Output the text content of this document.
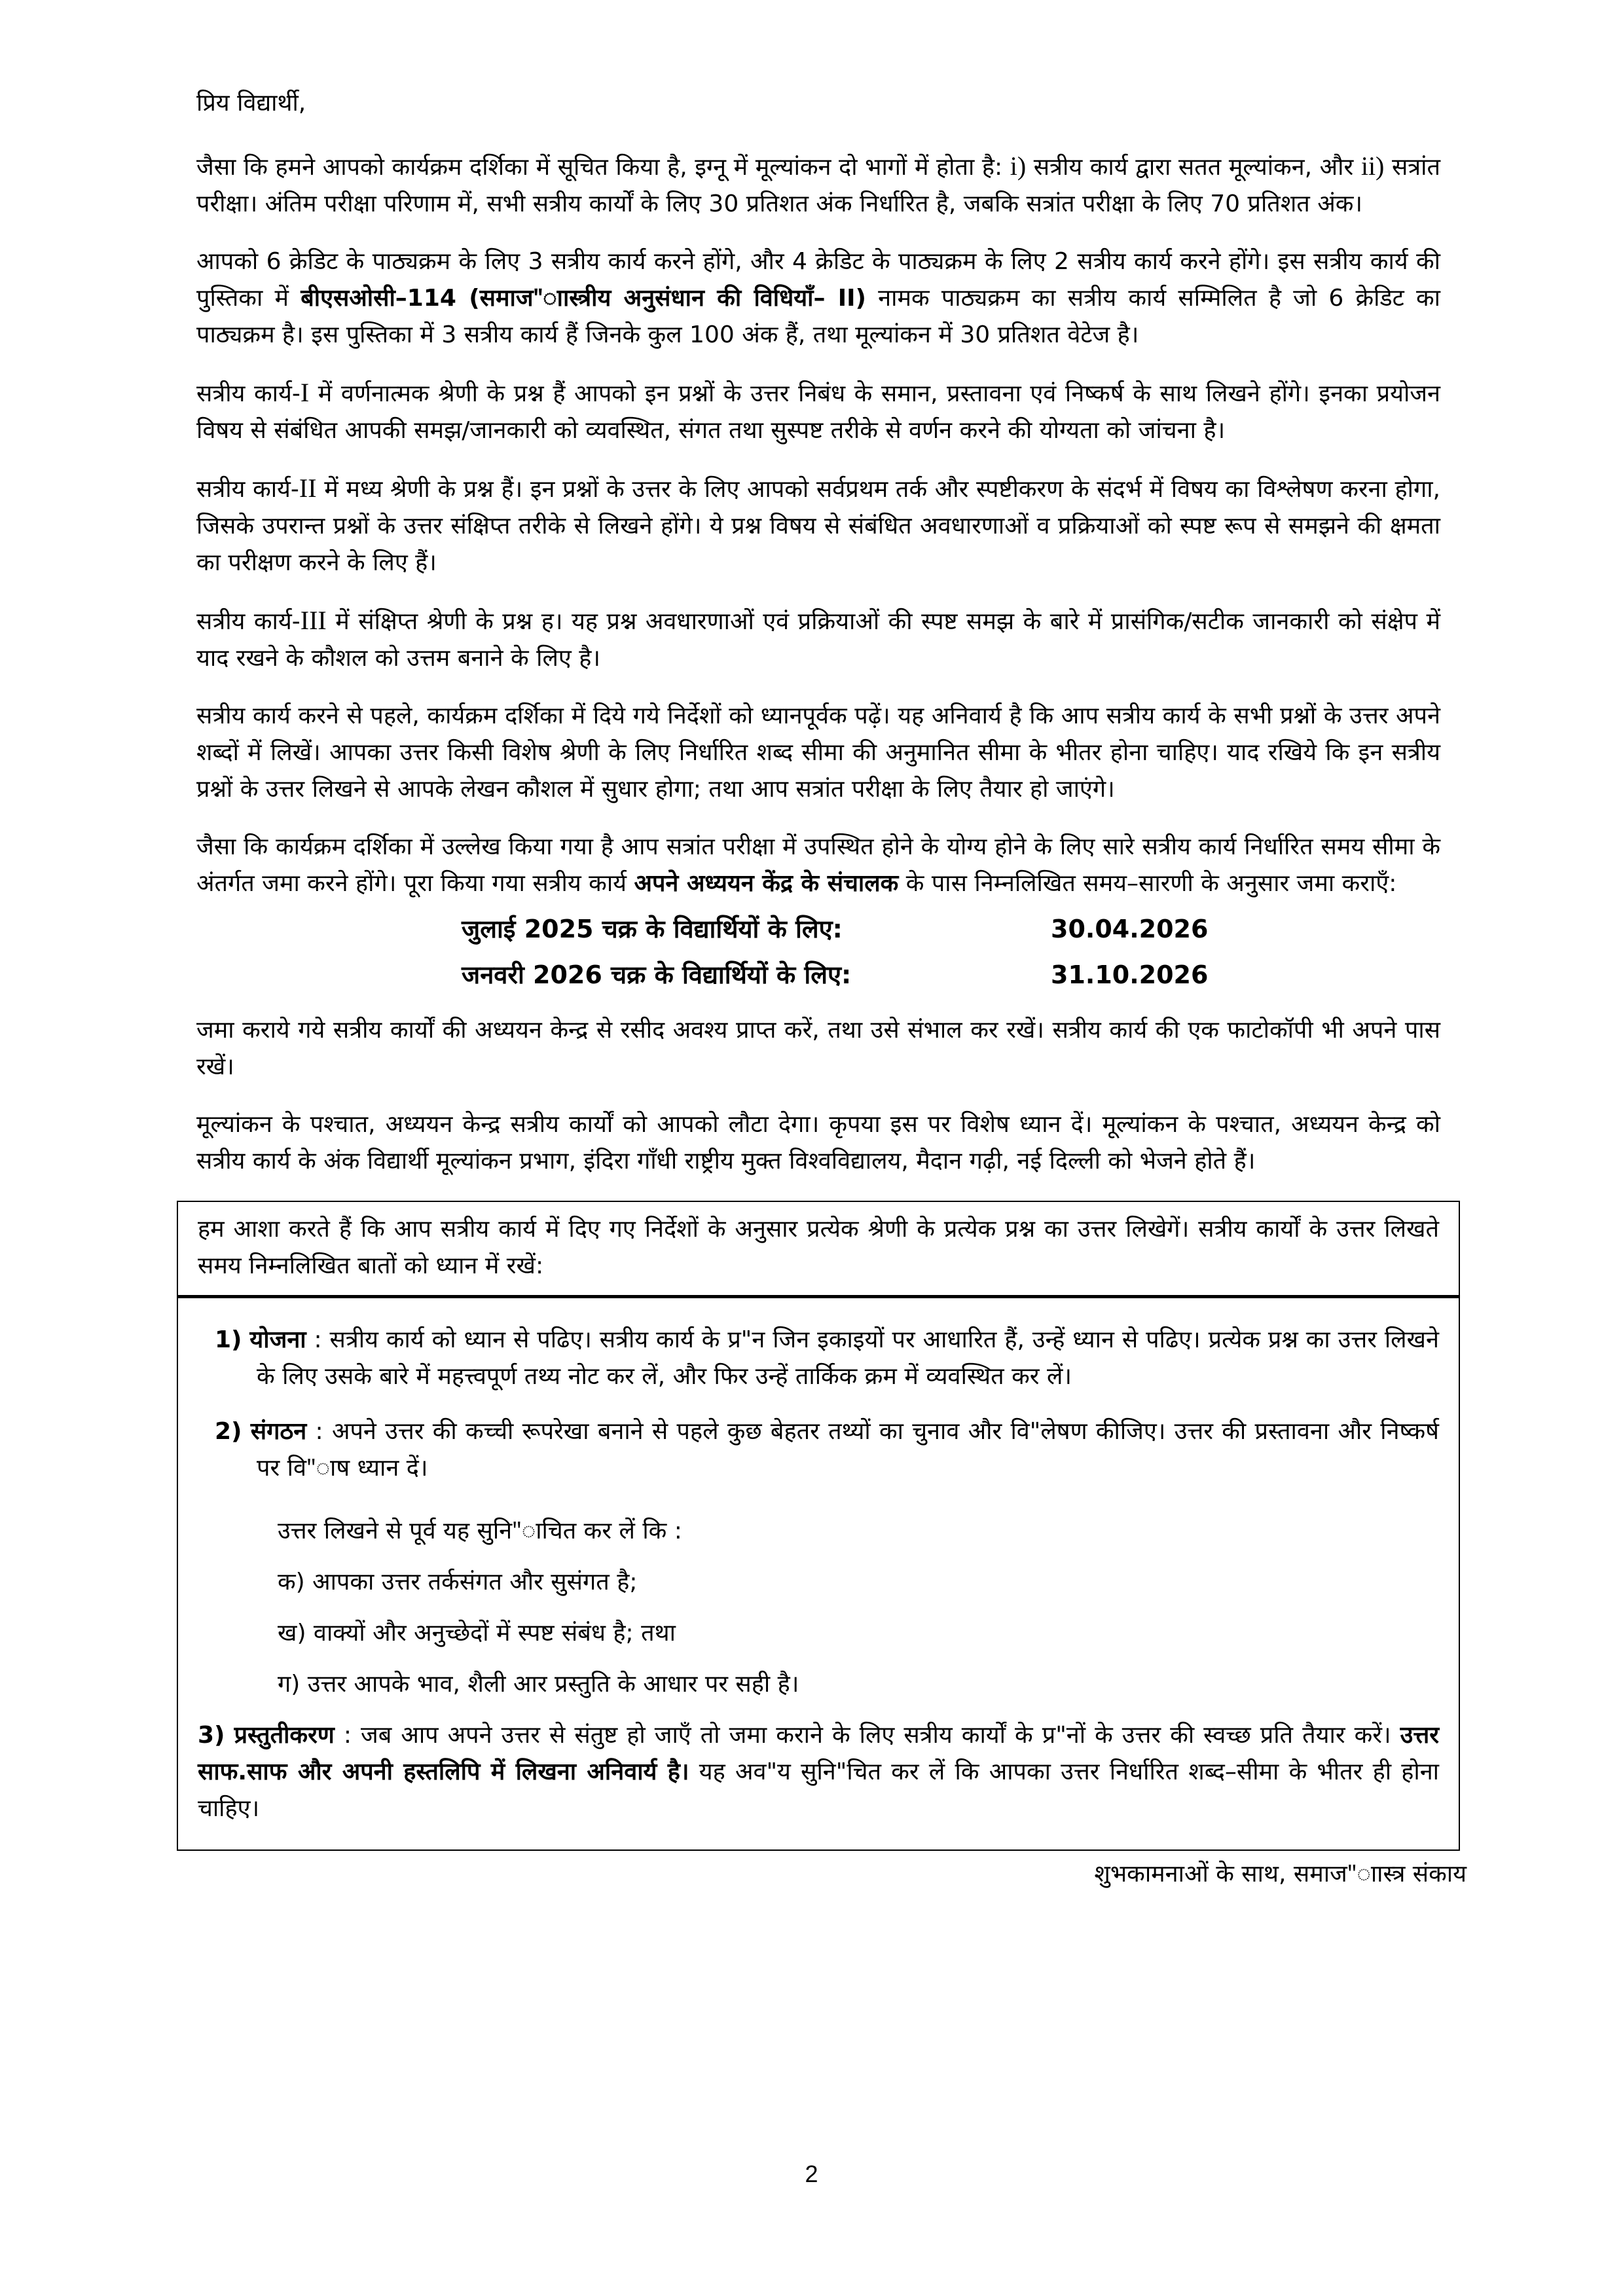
प्रिय विद्यार्थी,

जैसा कि हमने आपको कार्यक्रम दर्शिका में सूचित किया है, इग्नू में मूल्यांकन दो भागों में होता है: i) सत्रीय कार्य द्वारा सतत मूल्यांकन, और ii) सत्रांत परीक्षा। अंतिम परीक्षा परिणाम में, सभी सत्रीय कार्यों के लिए 30 प्रतिशत अंक निर्धारित है, जबकि सत्रांत परीक्षा के लिए 70 प्रतिशत अंक।

आपको 6 क्रेडिट के पाठ्यक्रम के लिए 3 सत्रीय कार्य करने होंगे, और 4 क्रेडिट के पाठ्यक्रम के लिए 2 सत्रीय कार्य करने होंगे। इस सत्रीय कार्य की पुस्तिका में बीएसओसी–114 (समाज"ाास्त्रीय अनुसंधान की विधियाँ– II) नामक पाठ्यक्रम का सत्रीय कार्य सम्मिलित है जो 6 क्रेडिट का पाठ्यक्रम है। इस पुस्तिका में 3 सत्रीय कार्य हैं जिनके कुल 100 अंक हैं, तथा मूल्यांकन में 30 प्रतिशत वेटेज है।

सत्रीय कार्य-I में वर्णनात्मक श्रेणी के प्रश्न हैं आपको इन प्रश्नों के उत्तर निबंध के समान, प्रस्तावना एवं निष्कर्ष के साथ लिखने होंगे। इनका प्रयोजन विषय से संबंधित आपकी समझ/जानकारी को व्यवस्थित, संगत तथा सुस्पष्ट तरीके से वर्णन करने की योग्यता को जांचना है।

सत्रीय कार्य-II में मध्य श्रेणी के प्रश्न हैं। इन प्रश्नों के उत्तर के लिए आपको सर्वप्रथम तर्क और स्पष्टीकरण के संदर्भ में विषय का विश्लेषण करना होगा, जिसके उपरान्त प्रश्नों के उत्तर संक्षिप्त तरीके से लिखने होंगे। ये प्रश्न विषय से संबंधित अवधारणाओं व प्रक्रियाओं को स्पष्ट रूप से समझने की क्षमता का परीक्षण करने के लिए हैं।

सत्रीय कार्य-III में संक्षिप्त श्रेणी के प्रश्न ह। यह प्रश्न अवधारणाओं एवं प्रक्रियाओं की स्पष्ट समझ के बारे में प्रासंगिक/सटीक जानकारी को संक्षेप में याद रखने के कौशल को उत्तम बनाने के लिए है।

सत्रीय कार्य करने से पहले, कार्यक्रम दर्शिका में दिये गये निर्देशों को ध्यानपूर्वक पढ़ें। यह अनिवार्य है कि आप सत्रीय कार्य के सभी प्रश्नों के उत्तर अपने शब्दों में लिखें। आपका उत्तर किसी विशेष श्रेणी के लिए निर्धारित शब्द सीमा की अनुमानित सीमा के भीतर होना चाहिए। याद रखिये कि इन सत्रीय प्रश्नों के उत्तर लिखने से आपके लेखन कौशल में सुधार होगा; तथा आप सत्रांत परीक्षा के लिए तैयार हो जाएंगे।

जैसा कि कार्यक्रम दर्शिका में उल्लेख किया गया है आप सत्रांत परीक्षा में उपस्थित होने के योग्य होने के लिए सारे सत्रीय कार्य निर्धारित समय सीमा के अंतर्गत जमा करने होंगे। पूरा किया गया सत्रीय कार्य अपने अध्ययन केंद्र के संचालक के पास निम्नलिखित समय–सारणी के अनुसार जमा कराएँ:

जुलाई 2025 चक्र के विद्यार्थियों के लिए:	30.04.2026
जनवरी 2026 चक्र के विद्यार्थियों के लिए:	31.10.2026

जमा कराये गये सत्रीय कार्यों की अध्ययन केन्द्र से रसीद अवश्य प्राप्त करें, तथा उसे संभाल कर रखें। सत्रीय कार्य की एक फाटोकॉपी भी अपने पास रखें।

मूल्यांकन के पश्चात, अध्ययन केन्द्र सत्रीय कार्यों को आपको लौटा देगा। कृपया इस पर विशेष ध्यान दें। मूल्यांकन के पश्चात, अध्ययन केन्द्र को सत्रीय कार्य के अंक विद्यार्थी मूल्यांकन प्रभाग, इंदिरा गाँधी राष्ट्रीय मुक्त विश्वविद्यालय, मैदान गढ़ी, नई दिल्ली को भेजने होते हैं।

हम आशा करते हैं कि आप सत्रीय कार्य में दिए गए निर्देशों के अनुसार प्रत्येक श्रेणी के प्रत्येक प्रश्न का उत्तर लिखेगें। सत्रीय कार्यों के उत्तर लिखते समय निम्नलिखित बातों को ध्यान में रखें:

1) योजना : सत्रीय कार्य को ध्यान से पढिए। सत्रीय कार्य के प्र"न जिन इकाइयों पर आधारित हैं, उन्हें ध्यान से पढिए। प्रत्येक प्रश्न का उत्तर लिखने के लिए उसके बारे में महत्त्वपूर्ण तथ्य नोट कर लें, और फिर उन्हें तार्किक क्रम में व्यवस्थित कर लें।

2) संगठन : अपने उत्तर की कच्ची रूपरेखा बनाने से पहले कुछ बेहतर तथ्यों का चुनाव और वि"लेषण कीजिए। उत्तर की प्रस्तावना और निष्कर्ष पर वि"ाष ध्यान दें।

उत्तर लिखने से पूर्व यह सुनि"ाचित कर लें कि :

क) आपका उत्तर तर्कसंगत और सुसंगत है;

ख) वाक्यों और अनुच्छेदों में स्पष्ट संबंध है; तथा

ग) उत्तर आपके भाव, शैली आर प्रस्तुति के आधार पर सही है।

3) प्रस्तुतीकरण : जब आप अपने उत्तर से संतुष्ट हो जाएँ तो जमा कराने के लिए सत्रीय कार्यों के प्र"नों के उत्तर की स्वच्छ प्रति तैयार करें। उत्तर साफ.साफ और अपनी हस्तलिपि में लिखना अनिवार्य है। यह अव"य सुनि"चित कर लें कि आपका उत्तर निर्धारित शब्द–सीमा के भीतर ही होना चाहिए।

शुभकामनाओं के साथ, समाज"ाास्त्र संकाय

2
